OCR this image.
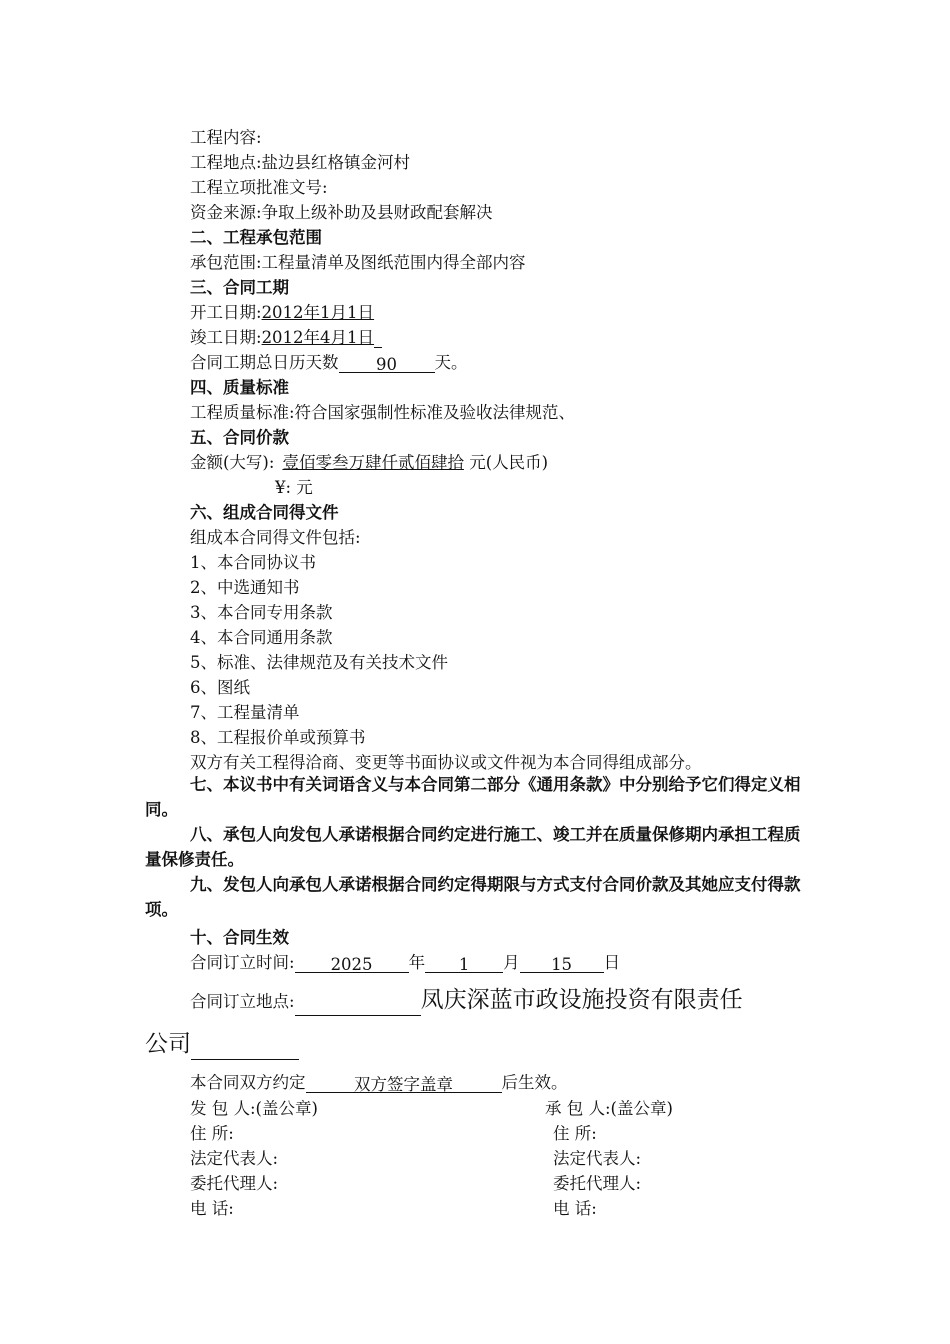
工程内容:
工程地点:盐边县红格镇金河村
工程立项批准文号:
资金来源:争取上级补助及县财政配套解决
二、工程承包范围
承包范围:工程量清单及图纸范围内得全部内容
三、合同工期
开工日期:2012年1月1日
竣工日期:2012年4月1日
合同工期总日历天数 90 天。
四、质量标准
工程质量标准:符合国家强制性标准及验收法律规范、
五、合同价款
金额(大写): 壹佰零叁万肆仟贰佰肆拾 元(人民币)
¥: 元
六、组成合同得文件
组成本合同得文件包括:
1、本合同协议书
2、中选通知书
3、本合同专用条款
4、本合同通用条款
5、标准、法律规范及有关技术文件
6、图纸
7、工程量清单
8、工程报价单或预算书
双方有关工程得洽商、变更等书面协议或文件视为本合同得组成部分。
七、本议书中有关词语含义与本合同第二部分《通用条款》中分别给予它们得定义相同。
八、承包人向发包人承诺根据合同约定进行施工、竣工并在质量保修期内承担工程质量保修责任。
九、发包人向承包人承诺根据合同约定得期限与方式支付合同价款及其她应支付得款项。
十、合同生效
合同订立时间: 2025 年 1 月 15 日
合同订立地点:	凤庆深蓝市政设施投资有限责任
公司
本合同双方约定	双方签字盖章	后生效。
发 包 人:(盖公章)
住 所:
法定代表人:
委托代理人:
电 话:
承 包 人:(盖公章)
住 所:
法定代表人:
委托代理人:
电 话:
